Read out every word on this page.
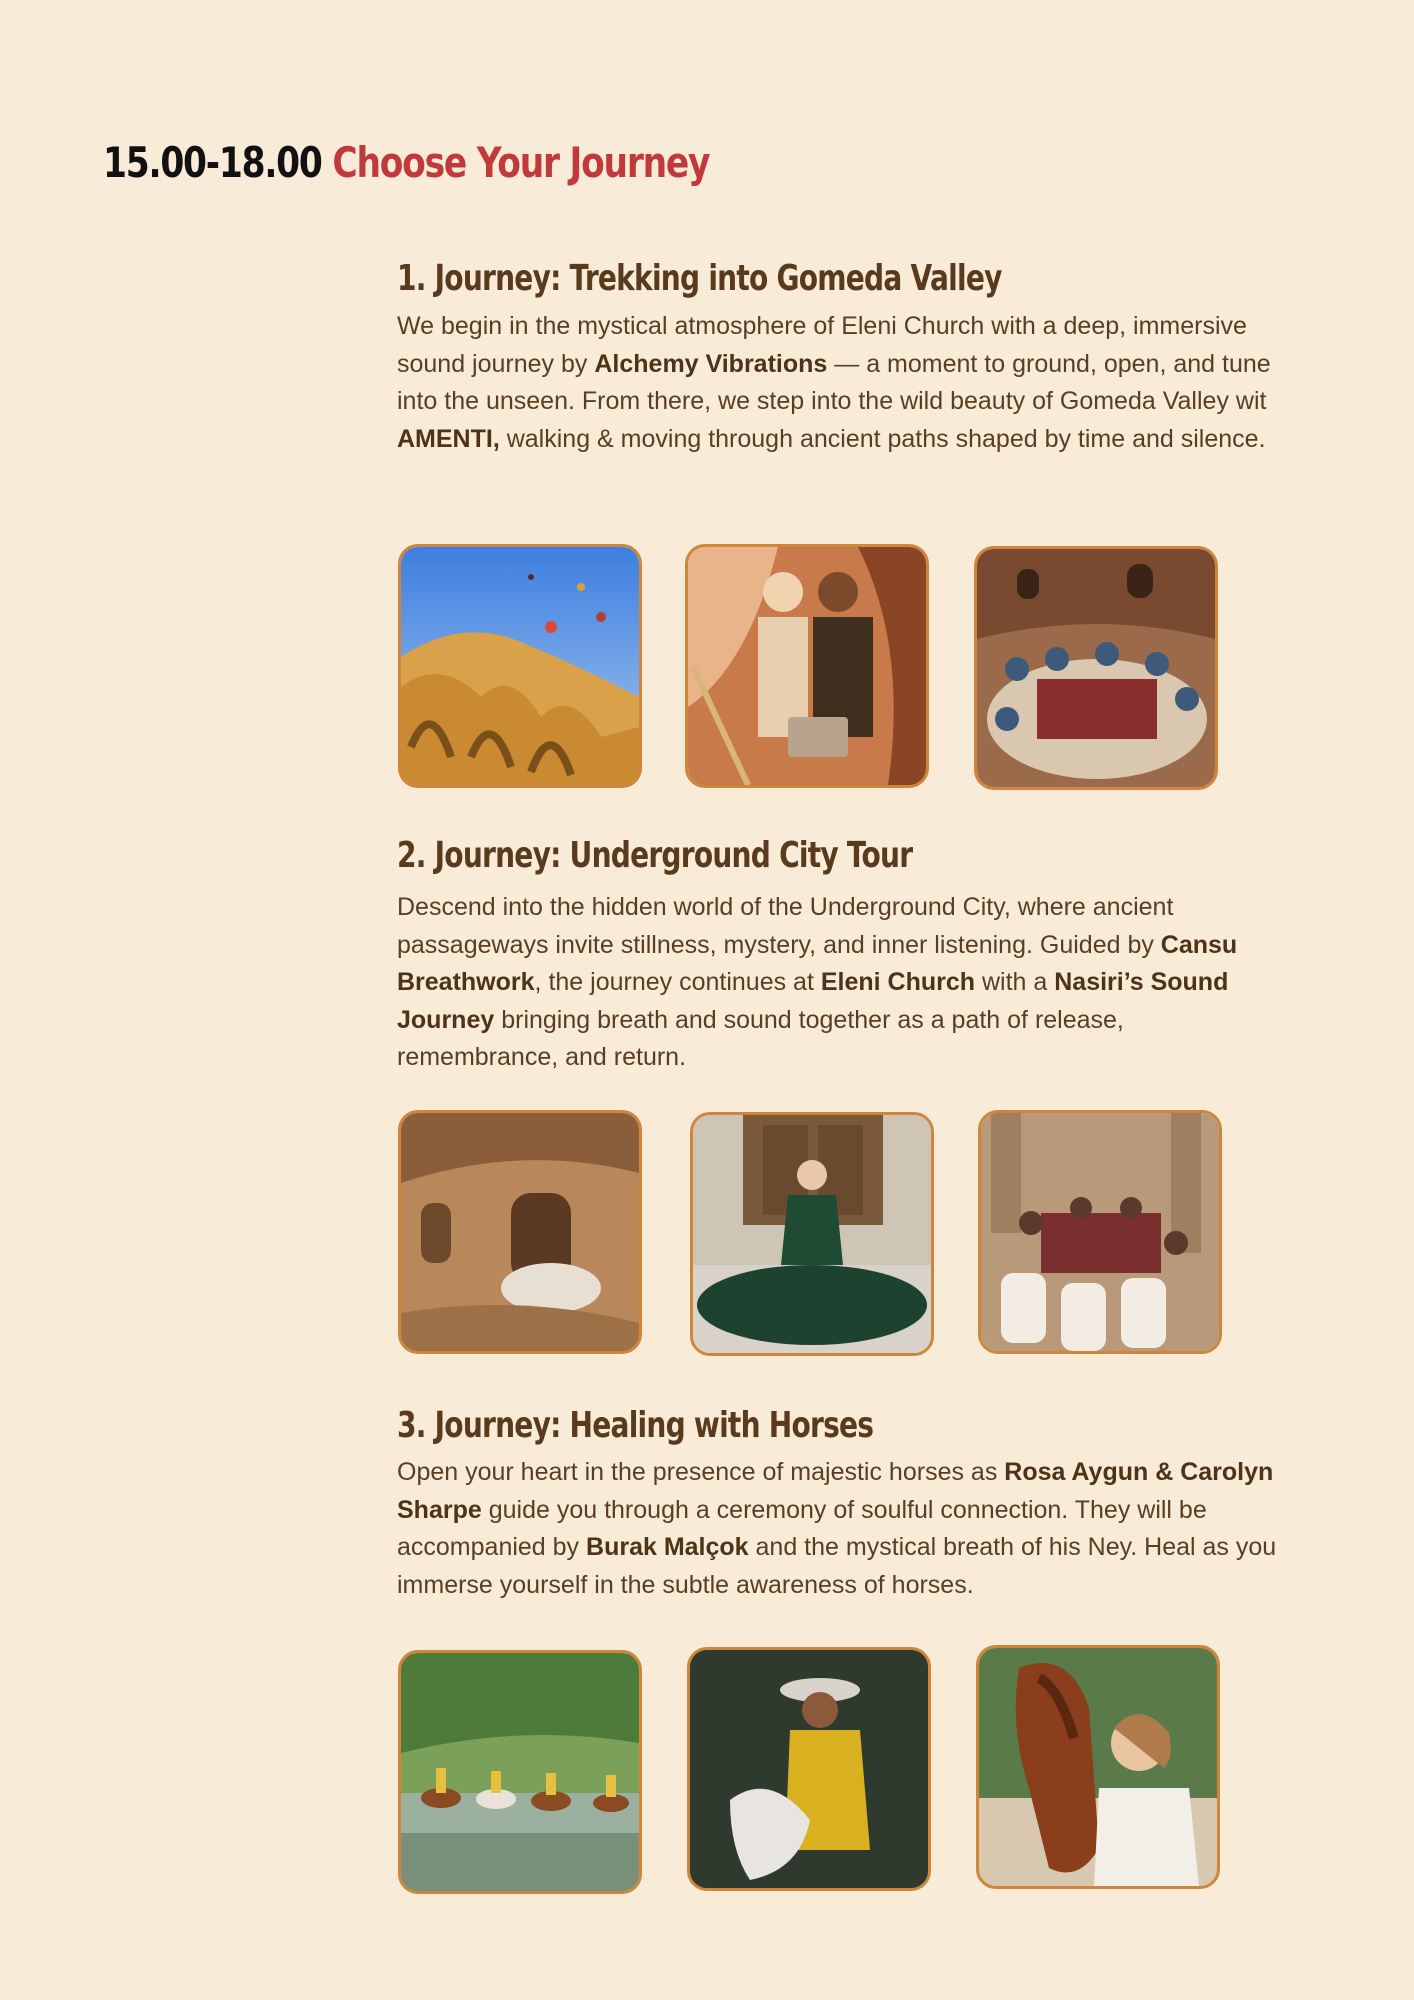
15.00-18.00 Choose Your Journey
1. Journey: Trekking into Gomeda Valley

We begin in the mystical atmosphere of Eleni Church with a deep, immersive sound journey by Alchemy Vibrations — a moment to ground, open, and tune into the unseen. From there, we step into the wild beauty of Gomeda Valley wit AMENTI, walking & moving through ancient paths shaped by time and silence.

2. Journey: Underground City Tour

Descend into the hidden world of the Underground City, where ancient passageways invite stillness, mystery, and inner listening. Guided by Cansu Breathwork, the journey continues at Eleni Church with a Nasiri’s Sound Journey bringing breath and sound together as a path of release, remembrance, and return.

3. Journey: Healing with Horses

Open your heart in the presence of majestic horses as Rosa Aygun & Carolyn Sharpe guide you through a ceremony of soulful connection. They will be accompanied by Burak Malçok and the mystical breath of his Ney. Heal as you immerse yourself in the subtle awareness of horses.
